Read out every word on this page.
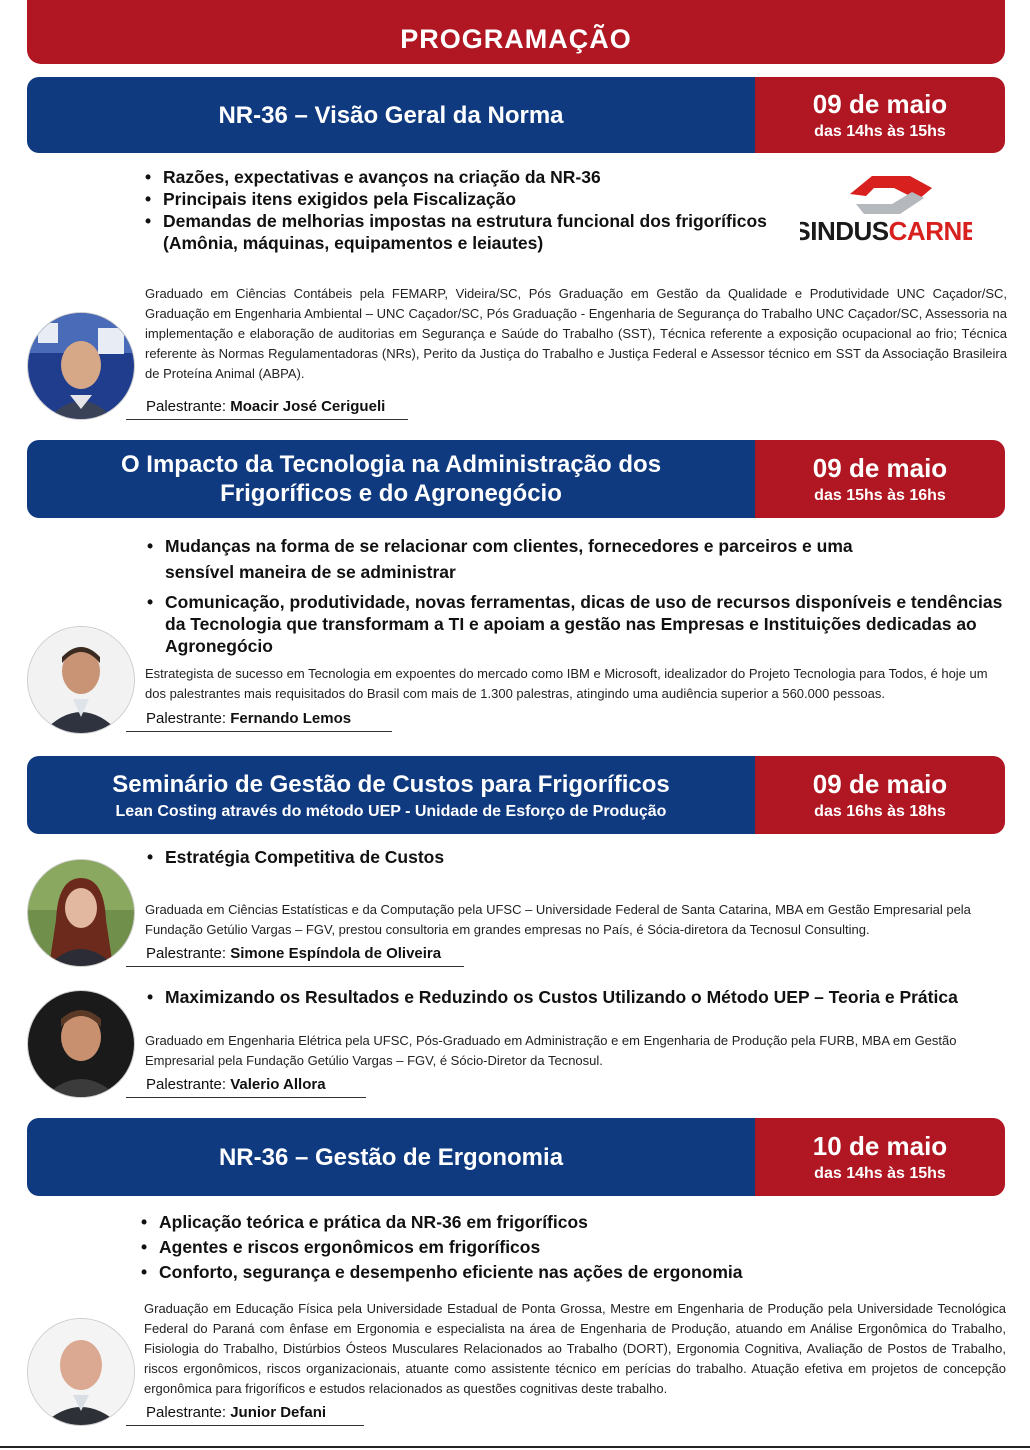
PROGRAMAÇÃO
NR-36 – Visão Geral da Norma	09 de maio
das 14hs às 15hs
• Razões, expectativas e avanços na criação da NR-36
• Principais itens exigidos pela Fiscalização
• Demandas de melhorias impostas na estrutura funcional dos frigoríficos (Amônia, máquinas, equipamentos e leiautes)	SINDUSCARNE
Graduado em Ciências Contábeis pela FEMARP, Videira/SC, Pós Graduação em Gestão da Qualidade e Produtividade UNC Caçador/SC, Graduação em Engenharia Ambiental – UNC Caçador/SC, Pós Graduação - Engenharia de Segurança do Trabalho UNC Caçador/SC, Assessoria na implementação e elaboração de auditorias em Segurança e Saúde do Trabalho (SST), Técnica referente a exposição ocupacional ao frio; Técnica referente às Normas Regulamentadoras (NRs), Perito da Justiça do Trabalho e Justiça Federal e Assessor técnico em SST da Associação Brasileira de Proteína Animal (ABPA).
Palestrante: Moacir José Cerigueli
O Impacto da Tecnologia na Administração dos
Frigoríficos e do Agronegócio
09 de maio
das 15hs às 16hs
• Mudanças na forma de se relacionar com clientes, fornecedores e parceiros e uma sensível maneira de se administrar
• Comunicação, produtividade, novas ferramentas, dicas de uso de recursos disponíveis e tendências da Tecnologia que transformam a TI e apoiam a gestão nas Empresas e Instituições dedicadas ao Agronegócio
Estrategista de sucesso em Tecnologia em expoentes do mercado como IBM e Microsoft, idealizador do Projeto Tecnologia para Todos, é hoje um dos palestrantes mais requisitados do Brasil com mais de 1.300 palestras, atingindo uma audiência superior a 560.000 pessoas.
Palestrante: Fernando Lemos
Seminário de Gestão de Custos para Frigoríficos
Lean Costing através do método UEP - Unidade de Esforço de Produção
09 de maio
das 16hs às 18hs
• Estratégia Competitiva de Custos
Graduada em Ciências Estatísticas e da Computação pela UFSC – Universidade Federal de Santa Catarina, MBA em Gestão Empresarial pela Fundação Getúlio Vargas – FGV, prestou consultoria em grandes empresas no País, é Sócia-diretora da Tecnosul Consulting.
Palestrante: Simone Espíndola de Oliveira
• Maximizando os Resultados e Reduzindo os Custos Utilizando o Método UEP – Teoria e Prática
Graduado em Engenharia Elétrica pela UFSC, Pós-Graduado em Administração e em Engenharia de Produção pela FURB, MBA em Gestão Empresarial pela Fundação Getúlio Vargas – FGV, é Sócio-Diretor da Tecnosul.
Palestrante: Valerio Allora
NR-36 – Gestão de Ergonomia	10 de maio
das 14hs às 15hs
• Aplicação teórica e prática da NR-36 em frigoríficos
• Agentes e riscos ergonômicos em frigoríficos
• Conforto, segurança e desempenho eficiente nas ações de ergonomia
Graduação em Educação Física pela Universidade Estadual de Ponta Grossa, Mestre em Engenharia de Produção pela Universidade Tecnológica Federal do Paraná com ênfase em Ergonomia e especialista na área de Engenharia de Produção, atuando em Análise Ergonômica do Trabalho, Fisiologia do Trabalho, Distúrbios Ósteos Musculares Relacionados ao Trabalho (DORT), Ergonomia Cognitiva, Avaliação de Postos de Trabalho, riscos ergonômicos, riscos organizacionais, atuante como assistente técnico em perícias do trabalho. Atuação efetiva em projetos de concepção ergonômica para frigoríficos e estudos relacionados as questões cognitivas deste trabalho.
Palestrante: Junior Defani
